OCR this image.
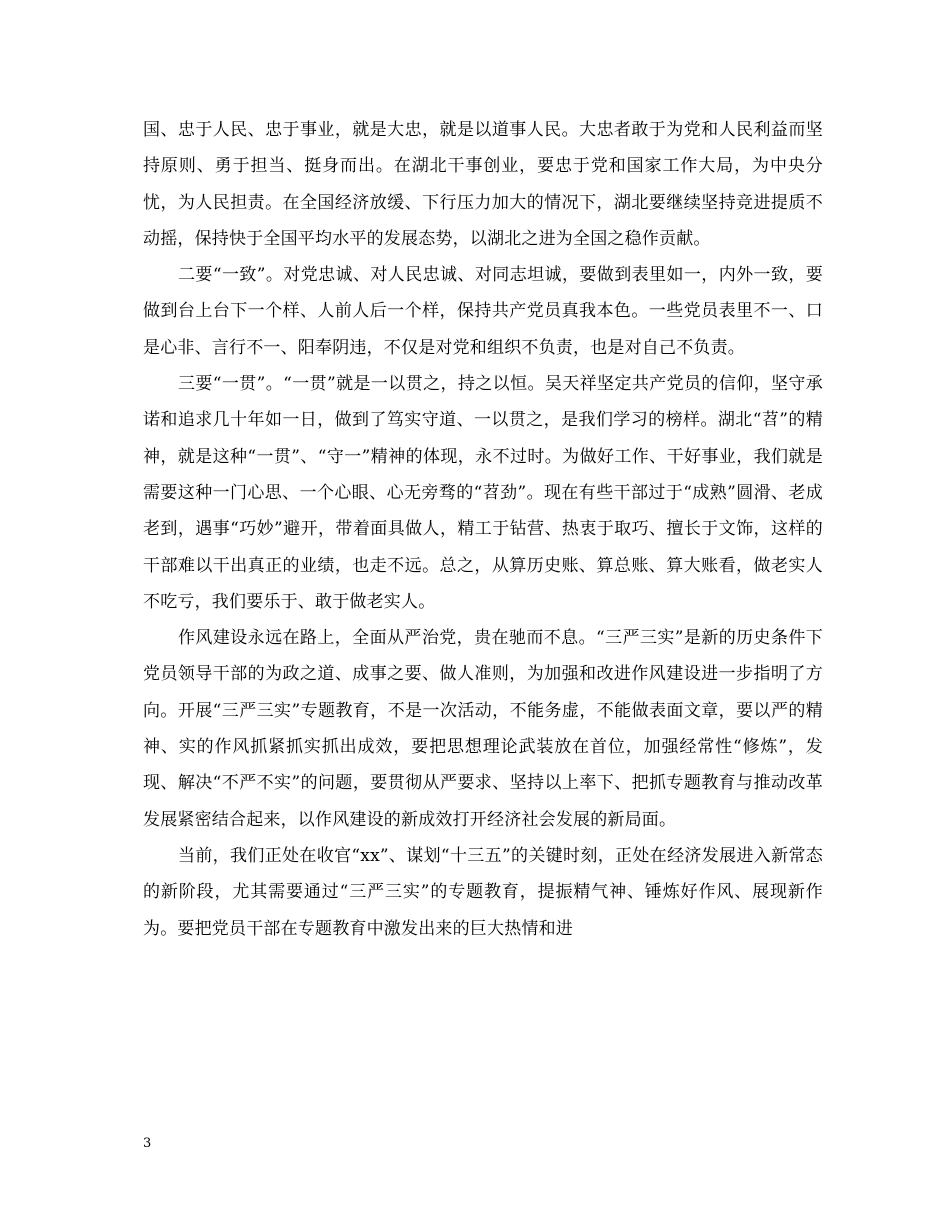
国、忠于人民、忠于事业，就是大忠，就是以道事人民。大忠者敢于为党和人民利益而坚持原则、勇于担当、挺身而出。在湖北干事创业，要忠于党和国家工作大局，为中央分忧，为人民担责。在全国经济放缓、下行压力加大的情况下，湖北要继续坚持竞进提质不动摇，保持快于全国平均水平的发展态势，以湖北之进为全国之稳作贡献。

二要“一致”。对党忠诚、对人民忠诚、对同志坦诚，要做到表里如一，内外一致，要做到台上台下一个样、人前人后一个样，保持共产党员真我本色。一些党员表里不一、口是心非、言行不一、阳奉阴违，不仅是对党和组织不负责，也是对自己不负责。

三要“一贯”。“一贯”就是一以贯之，持之以恒。吴天祥坚定共产党员的信仰，坚守承诺和追求几十年如一日，做到了笃实守道、一以贯之，是我们学习的榜样。湖北“苕”的精神，就是这种“一贯”、“守一”精神的体现，永不过时。为做好工作、干好事业，我们就是需要这种一门心思、一个心眼、心无旁骛的“苕劲”。现在有些干部过于“成熟”圆滑、老成老到，遇事“巧妙”避开，带着面具做人，精工于钻营、热衷于取巧、擅长于文饰，这样的干部难以干出真正的业绩，也走不远。总之，从算历史账、算总账、算大账看，做老实人不吃亏，我们要乐于、敢于做老实人。

作风建设永远在路上，全面从严治党，贵在驰而不息。“三严三实”是新的历史条件下党员领导干部的为政之道、成事之要、做人准则，为加强和改进作风建设进一步指明了方向。开展“三严三实”专题教育，不是一次活动，不能务虚，不能做表面文章，要以严的精神、实的作风抓紧抓实抓出成效，要把思想理论武装放在首位，加强经常性“修炼”，发现、解决“不严不实”的问题，要贯彻从严要求、坚持以上率下、把抓专题教育与推动改革发展紧密结合起来，以作风建设的新成效打开经济社会发展的新局面。

当前，我们正处在收官“xx”、谋划“十三五”的关键时刻，正处在经济发展进入新常态的新阶段，尤其需要通过“三严三实”的专题教育，提振精气神、锤炼好作风、展现新作为。要把党员干部在专题教育中激发出来的巨大热情和进

3
